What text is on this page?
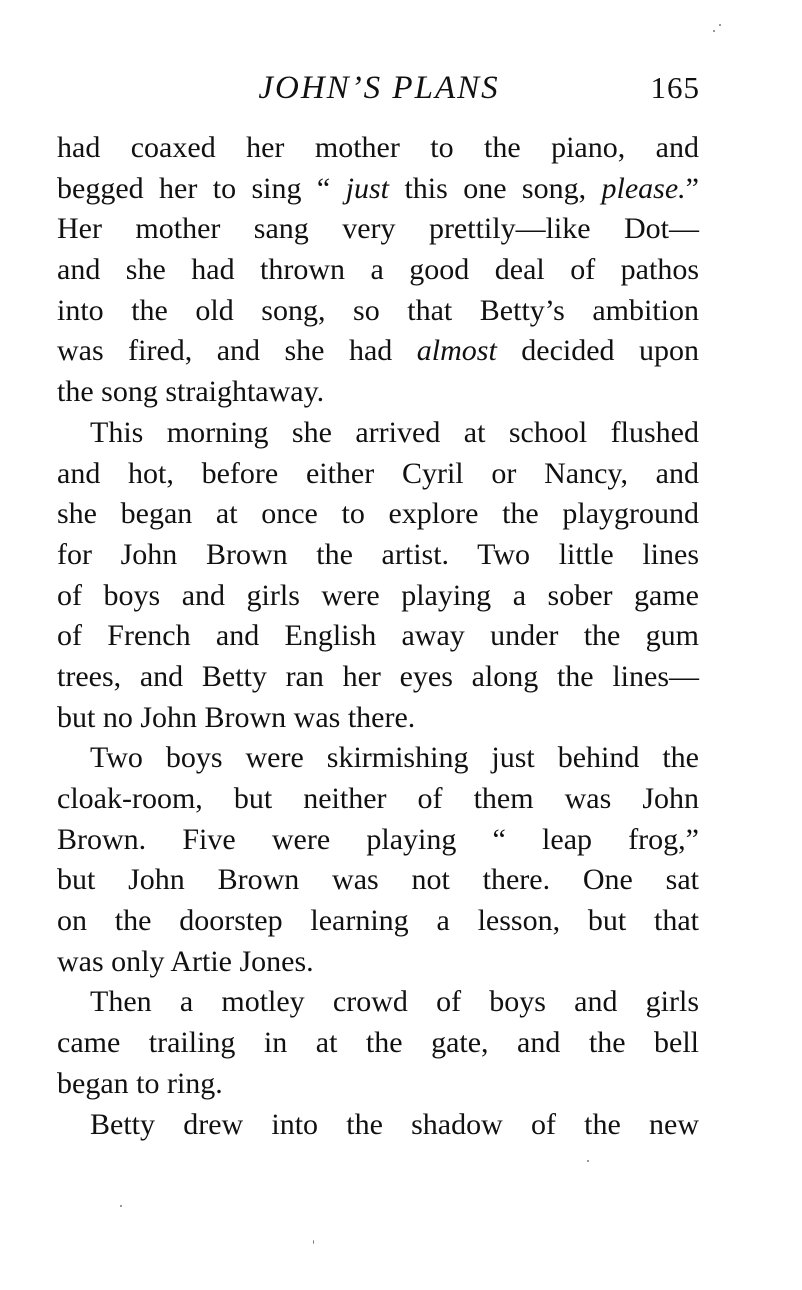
JOHN’S PLANS	165
had coaxed her mother to the piano, and
begged her to sing “ just this one song, please.”
Her mother sang very prettily—like Dot—
and she had thrown a good deal of pathos
into the old song, so that Betty’s ambition
was fired, and she had almost decided upon
the song straightaway.
This morning she arrived at school flushed
and hot, before either Cyril or Nancy, and
she began at once to explore the playground
for John Brown the artist. Two little lines
of boys and girls were playing a sober game
of French and English away under the gum
trees, and Betty ran her eyes along the lines—
but no John Brown was there.
Two boys were skirmishing just behind the
cloak-room, but neither of them was John
Brown. Five were playing “ leap frog,”
but John Brown was not there. One sat
on the doorstep learning a lesson, but that
was only Artie Jones.
Then a motley crowd of boys and girls
came trailing in at the gate, and the bell
began to ring.
Betty drew into the shadow of the new
